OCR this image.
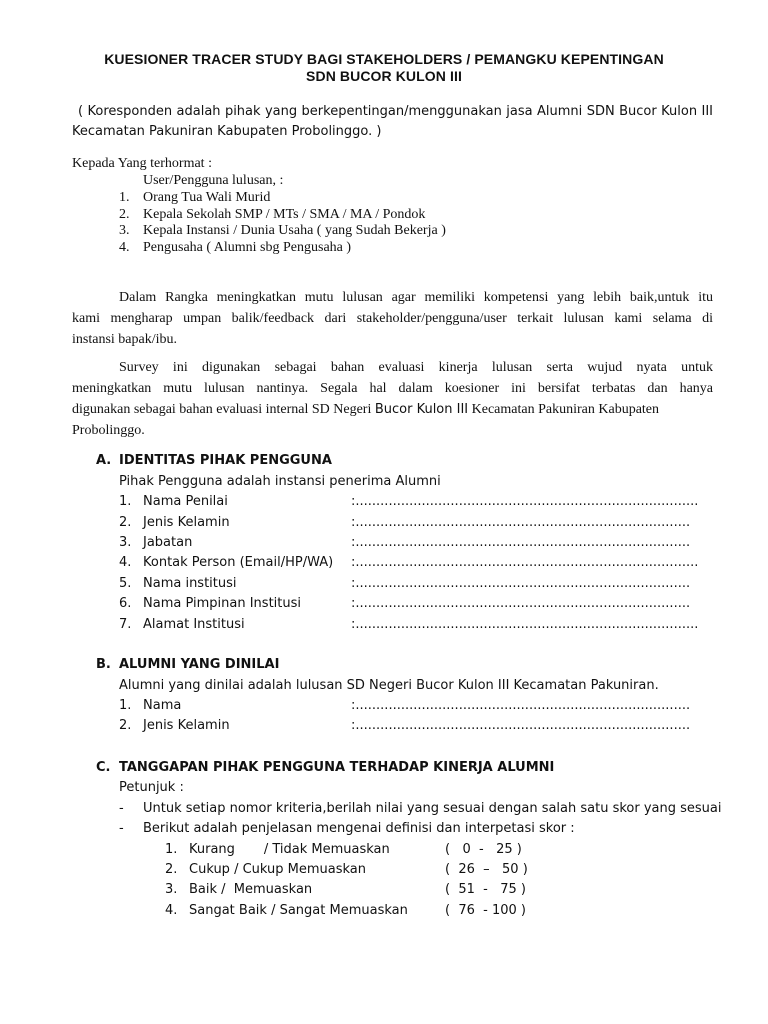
KUESIONER TRACER STUDY BAGI STAKEHOLDERS / PEMANGKU KEPENTINGAN
SDN BUCOR KULON III
( Koresponden adalah pihak yang berkepentingan/menggunakan jasa Alumni SDN Bucor Kulon III
Kecamatan Pakuniran Kabupaten Probolinggo. )
Kepada Yang terhormat :
User/Pengguna lulusan, :
1. Orang Tua Wali Murid
2. Kepala Sekolah SMP / MTs / SMA / MA / Pondok
3. Kepala Instansi / Dunia Usaha ( yang Sudah Bekerja )
4. Pengusaha ( Alumni sbg Pengusaha )
Dalam Rangka meningkatkan mutu lulusan agar memiliki kompetensi yang lebih baik,untuk itu
kami mengharap umpan balik/feedback dari stakeholder/pengguna/user terkait lulusan kami selama di
instansi bapak/ibu.
Survey ini digunakan sebagai bahan evaluasi kinerja lulusan serta wujud nyata untuk
meningkatkan mutu lulusan nantinya. Segala hal dalam koesioner ini bersifat terbatas dan hanya
digunakan sebagai bahan evaluasi internal SD Negeri Bucor Kulon III Kecamatan Pakuniran Kabupaten
Probolinggo.
A. IDENTITAS PIHAK PENGGUNA
Pihak Pengguna adalah instansi penerima Alumni
1. Nama Penilai	:...................................................................................
2. Jenis Kelamin	:.................................................................................
3. Jabatan	:.................................................................................
4. Kontak Person (Email/HP/WA) :...................................................................................
5. Nama institusi	:.................................................................................
6. Nama Pimpinan Institusi	:.................................................................................
7. Alamat Institusi	:...................................................................................
B. ALUMNI YANG DINILAI
Alumni yang dinilai adalah lulusan SD Negeri Bucor Kulon III Kecamatan Pakuniran.
1. Nama	:.................................................................................
2. Jenis Kelamin	:.................................................................................
C. TANGGAPAN PIHAK PENGGUNA TERHADAP KINERJA ALUMNI
Petunjuk :
- Untuk setiap nomor kriteria,berilah nilai yang sesuai dengan salah satu skor yang sesuai
- Berikut adalah penjelasan mengenai definisi dan interpetasi skor :
1. Kurang       / Tidak Memuaskan	(   0  -   25 )
2. Cukup / Cukup Memuaskan	(  26  –   50 )
3. Baik /  Memuaskan	(  51  -   75 )
4. Sangat Baik / Sangat Memuaskan	(  76  - 100 )
